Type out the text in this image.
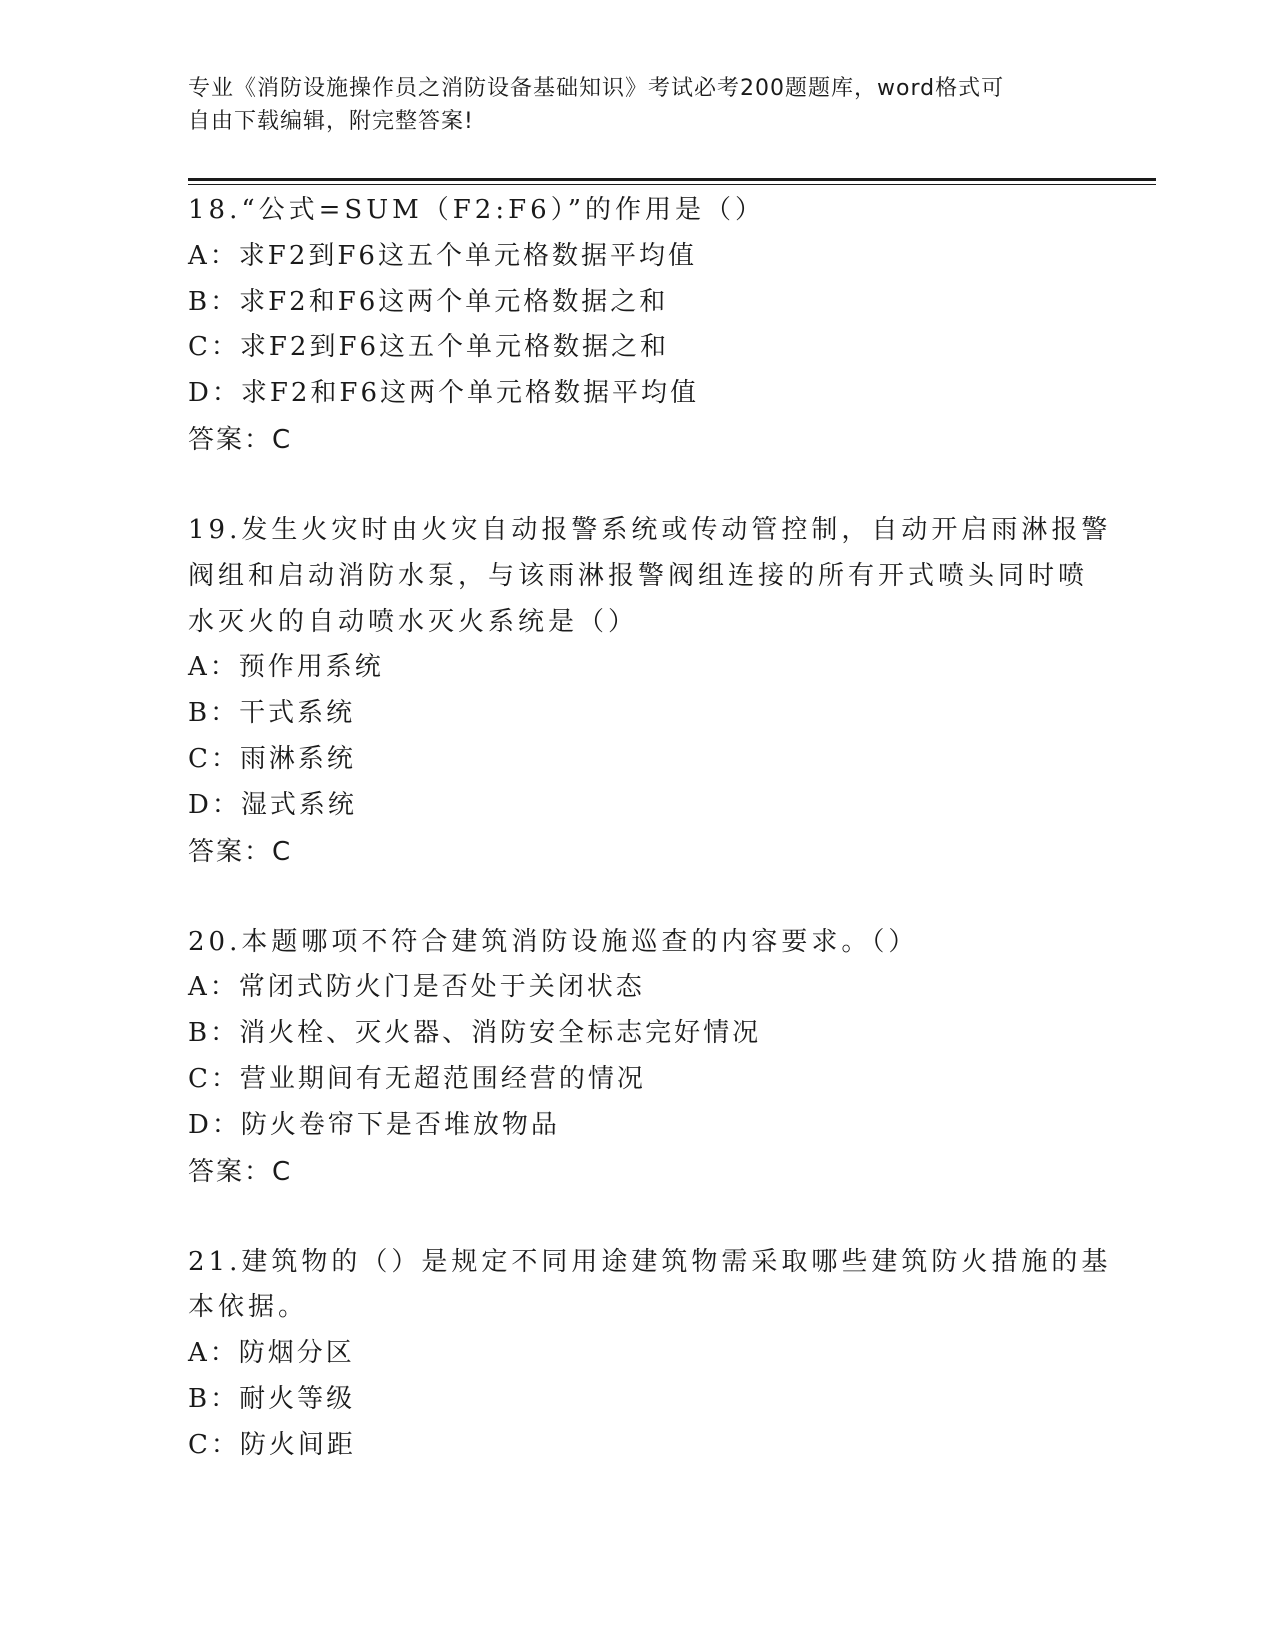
专业《消防设施操作员之消防设备基础知识》考试必考200题题库，word格式可
自由下载编辑，附完整答案!
18.“公式=SUM（F2:F6）”的作用是（）
A：求F2到F6这五个单元格数据平均值
B：求F2和F6这两个单元格数据之和
C：求F2到F6这五个单元格数据之和
D：求F2和F6这两个单元格数据平均值
答案：C
19.发生火灾时由火灾自动报警系统或传动管控制，自动开启雨淋报警
阀组和启动消防水泵，与该雨淋报警阀组连接的所有开式喷头同时喷
水灭火的自动喷水灭火系统是（）
A：预作用系统
B：干式系统
C：雨淋系统
D：湿式系统
答案：C
20.本题哪项不符合建筑消防设施巡查的内容要求。（）
A：常闭式防火门是否处于关闭状态
B：消火栓、灭火器、消防安全标志完好情况
C：营业期间有无超范围经营的情况
D：防火卷帘下是否堆放物品
答案：C
21.建筑物的（）是规定不同用途建筑物需采取哪些建筑防火措施的基
本依据。
A：防烟分区
B：耐火等级
C：防火间距
